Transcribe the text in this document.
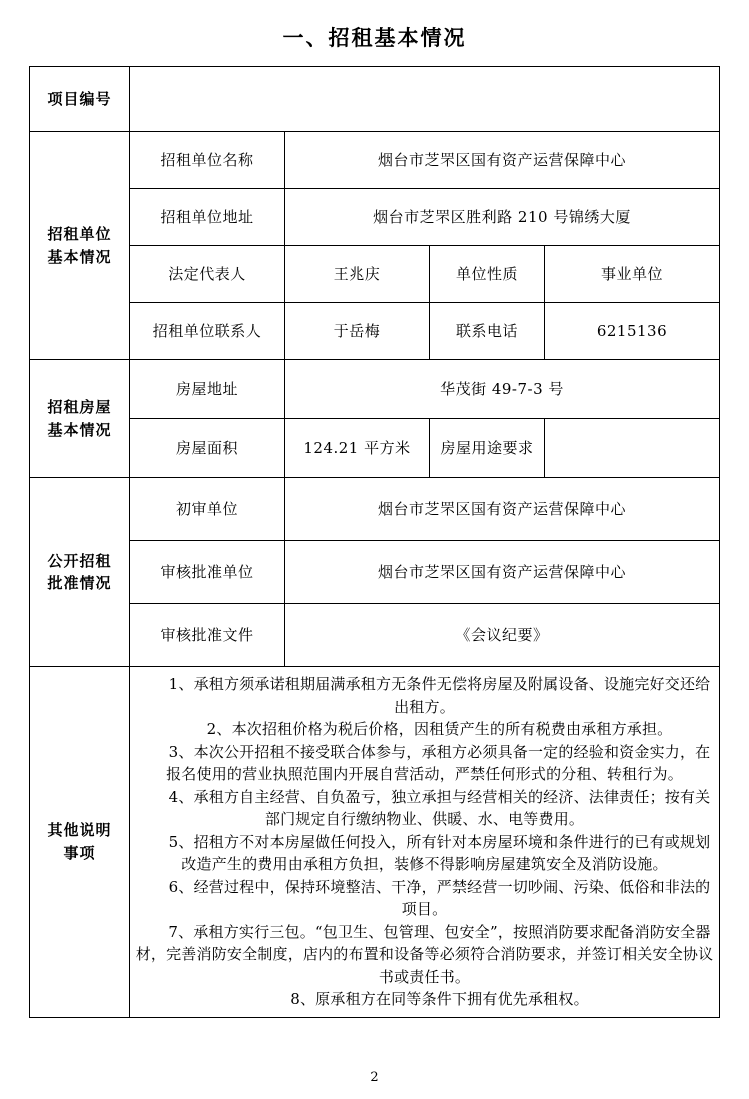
一、招租基本情况
项目编号				

招租单位
基本情况	招租单位名称	烟台市芝罘区国有资产运营保障中心		
	招租单位地址	烟台市芝罘区胜利路 210 号锦绣大厦		
	法定代表人	王兆庆	单位性质	事业单位
	招租单位联系人	于岳梅	联系电话	6215136

招租房屋
基本情况	房屋地址	华茂街 49-7-3 号		
	房屋面积	124.21 平方米	房屋用途要求	

公开招租
批准情况	初审单位	烟台市芝罘区国有资产运营保障中心		
	审核批准单位	烟台市芝罘区国有资产运营保障中心		
	审核批准文件	《会议纪要》		

其他说明
事项

1、承租方须承诺租期届满承租方无条件无偿将房屋及附属设备、设施完好交还给出租方。

2、本次招租价格为税后价格，因租赁产生的所有税费由承租方承担。

3、本次公开招租不接受联合体参与，承租方必须具备一定的经验和资金实力，在报名使用的营业执照范围内开展自营活动，严禁任何形式的分租、转租行为。

4、承租方自主经营、自负盈亏，独立承担与经营相关的经济、法律责任；按有关部门规定自行缴纳物业、供暖、水、电等费用。

5、招租方不对本房屋做任何投入，所有针对本房屋环境和条件进行的已有或规划改造产生的费用由承租方负担，装修不得影响房屋建筑安全及消防设施。

6、经营过程中，保持环境整洁、干净，严禁经营一切吵闹、污染、低俗和非法的项目。

7、承租方实行三包。“包卫生、包管理、包安全”，按照消防要求配备消防安全器材，完善消防安全制度，店内的布置和设备等必须符合消防要求，并签订相关安全协议书或责任书。

8、原承租方在同等条件下拥有优先承租权。

2
